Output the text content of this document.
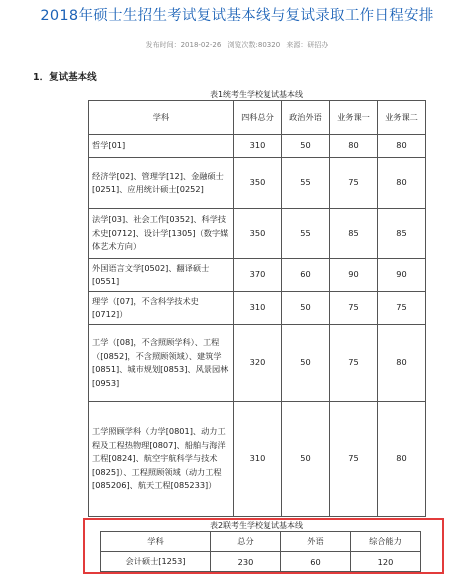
2018年硕士生招生考试复试基本线与复试录取工作日程安排
发布时间：2018-02-26 浏览次数:80320 来源：研招办
1．复试基本线
表1统考生学校复试基本线
学科	四科总分	政治外语	业务课一	业务课二
哲学[01]	310	50	80	80
经济学[02]、管理学[12]、金融硕士[0251]、应用统计硕士[0252]	350	55	75	80
法学[03]、社会工作[0352]、科学技术史[0712]、设计学[1305]（数字媒体艺术方向）	350	55	85	85
外国语言文学[0502]、翻译硕士[0551]	370	60	90	90
理学（[07]，不含科学技术史[0712]）	310	50	75	75
工学（[08]，不含照顾学科）、工程（[0852]，不含照顾领域）、建筑学[0851]、城市规划[0853]、风景园林[0953]	320	50	75	80
工学照顾学科（力学[0801]、动力工程及工程热物理[0807]、船舶与海洋工程[0824]、航空宇航科学与技术[0825]）、工程照顾领域（动力工程[085206]、航天工程[085233]）	310	50	75	80
表2联考生学校复试基本线
学科	总分	外语	综合能力
会计硕士[1253]	230	60	120
